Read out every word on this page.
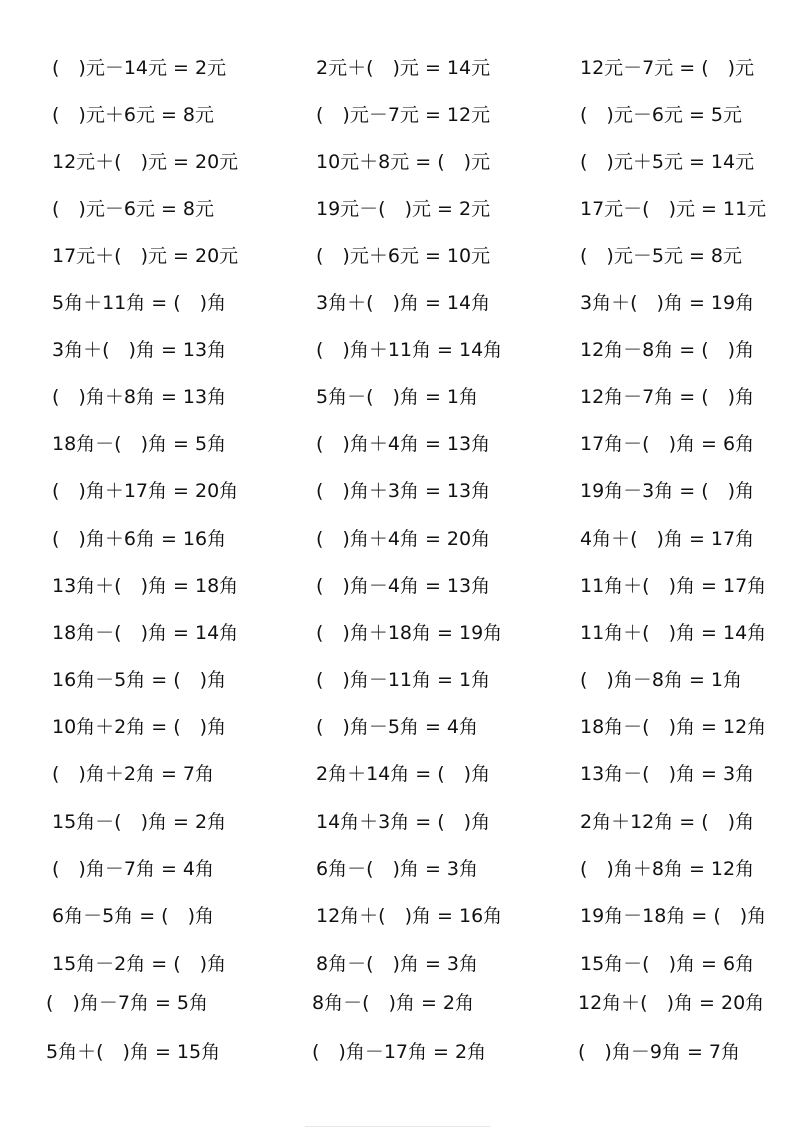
(　)元－14元 = 2元	2元＋(　)元 = 14元	12元－7元 = (　)元
(　)元＋6元 = 8元	(　)元－7元 = 12元	(　)元－6元 = 5元
12元＋(　)元 = 20元	10元＋8元 = (　)元	(　)元＋5元 = 14元
(　)元－6元 = 8元	19元－(　)元 = 2元	17元－(　)元 = 11元
17元＋(　)元 = 20元	(　)元＋6元 = 10元	(　)元－5元 = 8元
5角＋11角 = (　)角	3角＋(　)角 = 14角	3角＋(　)角 = 19角
3角＋(　)角 = 13角	(　)角＋11角 = 14角	12角－8角 = (　)角
(　)角＋8角 = 13角	5角－(　)角 = 1角	12角－7角 = (　)角
18角－(　)角 = 5角	(　)角＋4角 = 13角	17角－(　)角 = 6角
(　)角＋17角 = 20角	(　)角＋3角 = 13角	19角－3角 = (　)角
(　)角＋6角 = 16角	(　)角＋4角 = 20角	4角＋(　)角 = 17角
13角＋(　)角 = 18角	(　)角－4角 = 13角	11角＋(　)角 = 17角
18角－(　)角 = 14角	(　)角＋18角 = 19角	11角＋(　)角 = 14角
16角－5角 = (　)角	(　)角－11角 = 1角	(　)角－8角 = 1角
10角＋2角 = (　)角	(　)角－5角 = 4角	18角－(　)角 = 12角
(　)角＋2角 = 7角	2角＋14角 = (　)角	13角－(　)角 = 3角
15角－(　)角 = 2角	14角＋3角 = (　)角	2角＋12角 = (　)角
(　)角－7角 = 4角	6角－(　)角 = 3角	(　)角＋8角 = 12角
6角－5角 = (　)角	12角＋(　)角 = 16角	19角－18角 = (　)角
15角－2角 = (　)角	8角－(　)角 = 3角	15角－(　)角 = 6角
(　)角－7角 = 5角	8角－(　)角 = 2角	12角＋(　)角 = 20角
5角＋(　)角 = 15角	(　)角－17角 = 2角	(　)角－9角 = 7角
